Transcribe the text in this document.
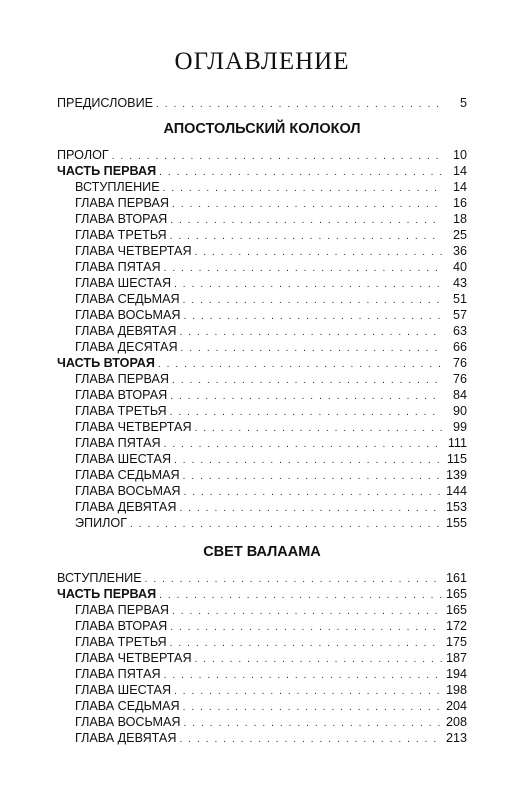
ОГЛАВЛЕНИЕ
ПРЕДИСЛОВИЕ . . .	5
АПОСТОЛЬСКИЙ КОЛОКОЛ
ПРОЛОГ . . .	10
ЧАСТЬ ПЕРВАЯ . . .	14
ВСТУПЛЕНИЕ . . .	14
ГЛАВА ПЕРВАЯ . . .	16
ГЛАВА ВТОРАЯ . . .	18
ГЛАВА ТРЕТЬЯ . . .	25
ГЛАВА ЧЕТВЕРТАЯ . . .	36
ГЛАВА ПЯТАЯ . . .	40
ГЛАВА ШЕСТАЯ . . .	43
ГЛАВА СЕДЬМАЯ . . .	51
ГЛАВА ВОСЬМАЯ . . .	57
ГЛАВА ДЕВЯТАЯ . . .	63
ГЛАВА ДЕСЯТАЯ . . .	66
ЧАСТЬ ВТОРАЯ . . .	76
ГЛАВА ПЕРВАЯ . . .	76
ГЛАВА ВТОРАЯ . . .	84
ГЛАВА ТРЕТЬЯ . . .	90
ГЛАВА ЧЕТВЕРТАЯ . . .	99
ГЛАВА ПЯТАЯ . . .	111
ГЛАВА ШЕСТАЯ . . .	115
ГЛАВА СЕДЬМАЯ . . .	139
ГЛАВА ВОСЬМАЯ . . .	144
ГЛАВА ДЕВЯТАЯ . . .	153
ЭПИЛОГ . . .	155
СВЕТ ВАЛААМА
ВСТУПЛЕНИЕ . . .	161
ЧАСТЬ ПЕРВАЯ . . .	165
ГЛАВА ПЕРВАЯ . . .	165
ГЛАВА ВТОРАЯ . . .	172
ГЛАВА ТРЕТЬЯ . . .	175
ГЛАВА ЧЕТВЕРТАЯ . . .	187
ГЛАВА ПЯТАЯ . . .	194
ГЛАВА ШЕСТАЯ . . .	198
ГЛАВА СЕДЬМАЯ . . .	204
ГЛАВА ВОСЬМАЯ . . .	208
ГЛАВА ДЕВЯТАЯ . . .	213
